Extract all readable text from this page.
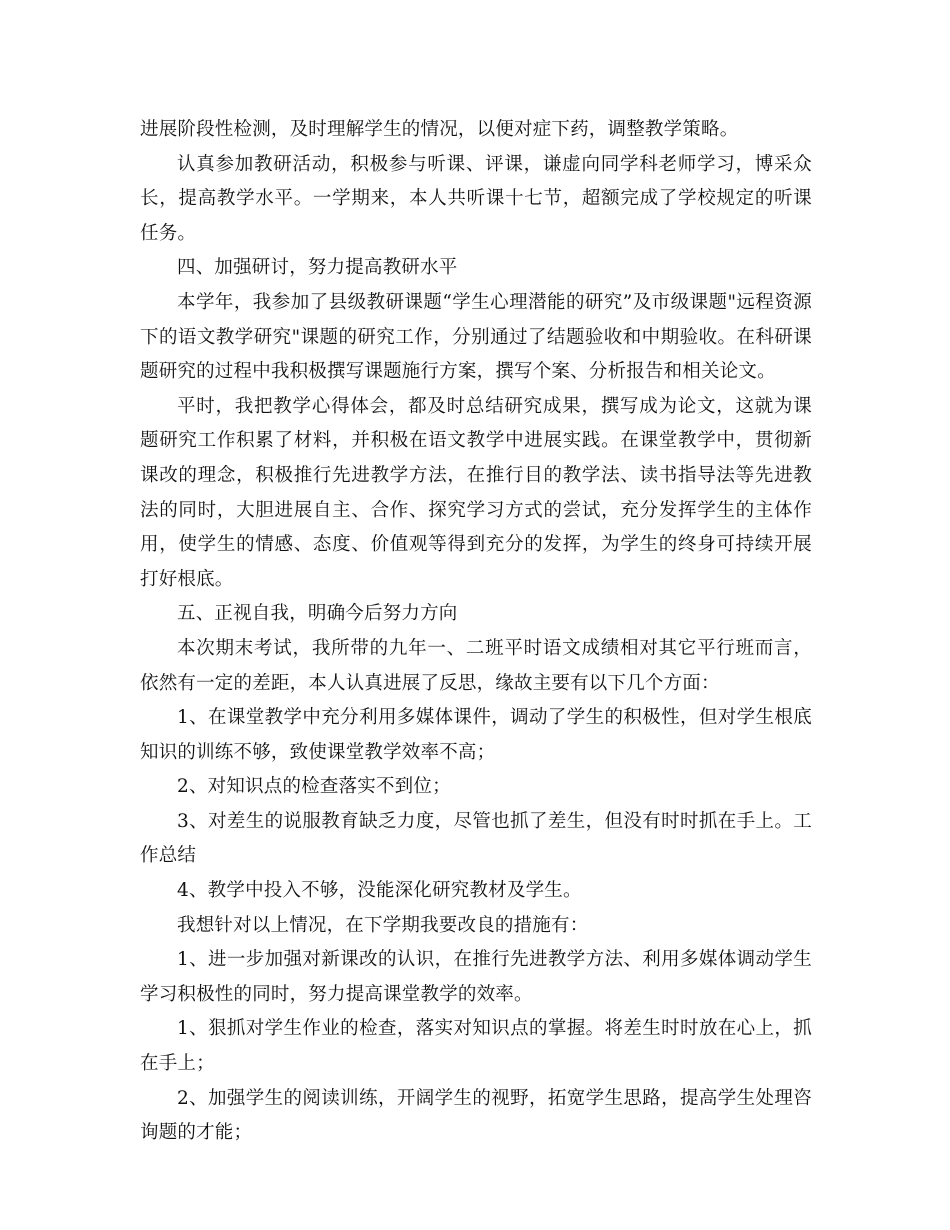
进展阶段性检测，及时理解学生的情况，以便对症下药，调整教学策略。

认真参加教研活动，积极参与听课、评课，谦虚向同学科老师学习，博采众长，提高教学水平。一学期来，本人共听课十七节，超额完成了学校规定的听课任务。

四、加强研讨，努力提高教研水平

本学年，我参加了县级教研课题“学生心理潜能的研究”及市级课题"远程资源下的语文教学研究"课题的研究工作，分别通过了结题验收和中期验收。在科研课题研究的过程中我积极撰写课题施行方案，撰写个案、分析报告和相关论文。

平时，我把教学心得体会，都及时总结研究成果，撰写成为论文，这就为课题研究工作积累了材料，并积极在语文教学中进展实践。在课堂教学中，贯彻新课改的理念，积极推行先进教学方法，在推行目的教学法、读书指导法等先进教法的同时，大胆进展自主、合作、探究学习方式的尝试，充分发挥学生的主体作用，使学生的情感、态度、价值观等得到充分的发挥，为学生的终身可持续开展打好根底。

五、正视自我，明确今后努力方向

本次期末考试，我所带的九年一、二班平时语文成绩相对其它平行班而言，依然有一定的差距，本人认真进展了反思，缘故主要有以下几个方面：

1、在课堂教学中充分利用多媒体课件，调动了学生的积极性，但对学生根底知识的训练不够，致使课堂教学效率不高；

2、对知识点的检查落实不到位；

3、对差生的说服教育缺乏力度，尽管也抓了差生，但没有时时抓在手上。工作总结

4、教学中投入不够，没能深化研究教材及学生。

我想针对以上情况，在下学期我要改良的措施有：

1、进一步加强对新课改的认识，在推行先进教学方法、利用多媒体调动学生学习积极性的同时，努力提高课堂教学的效率。

1、狠抓对学生作业的检查，落实对知识点的掌握。将差生时时放在心上，抓在手上；

2、加强学生的阅读训练，开阔学生的视野，拓宽学生思路，提高学生处理咨询题的才能；
